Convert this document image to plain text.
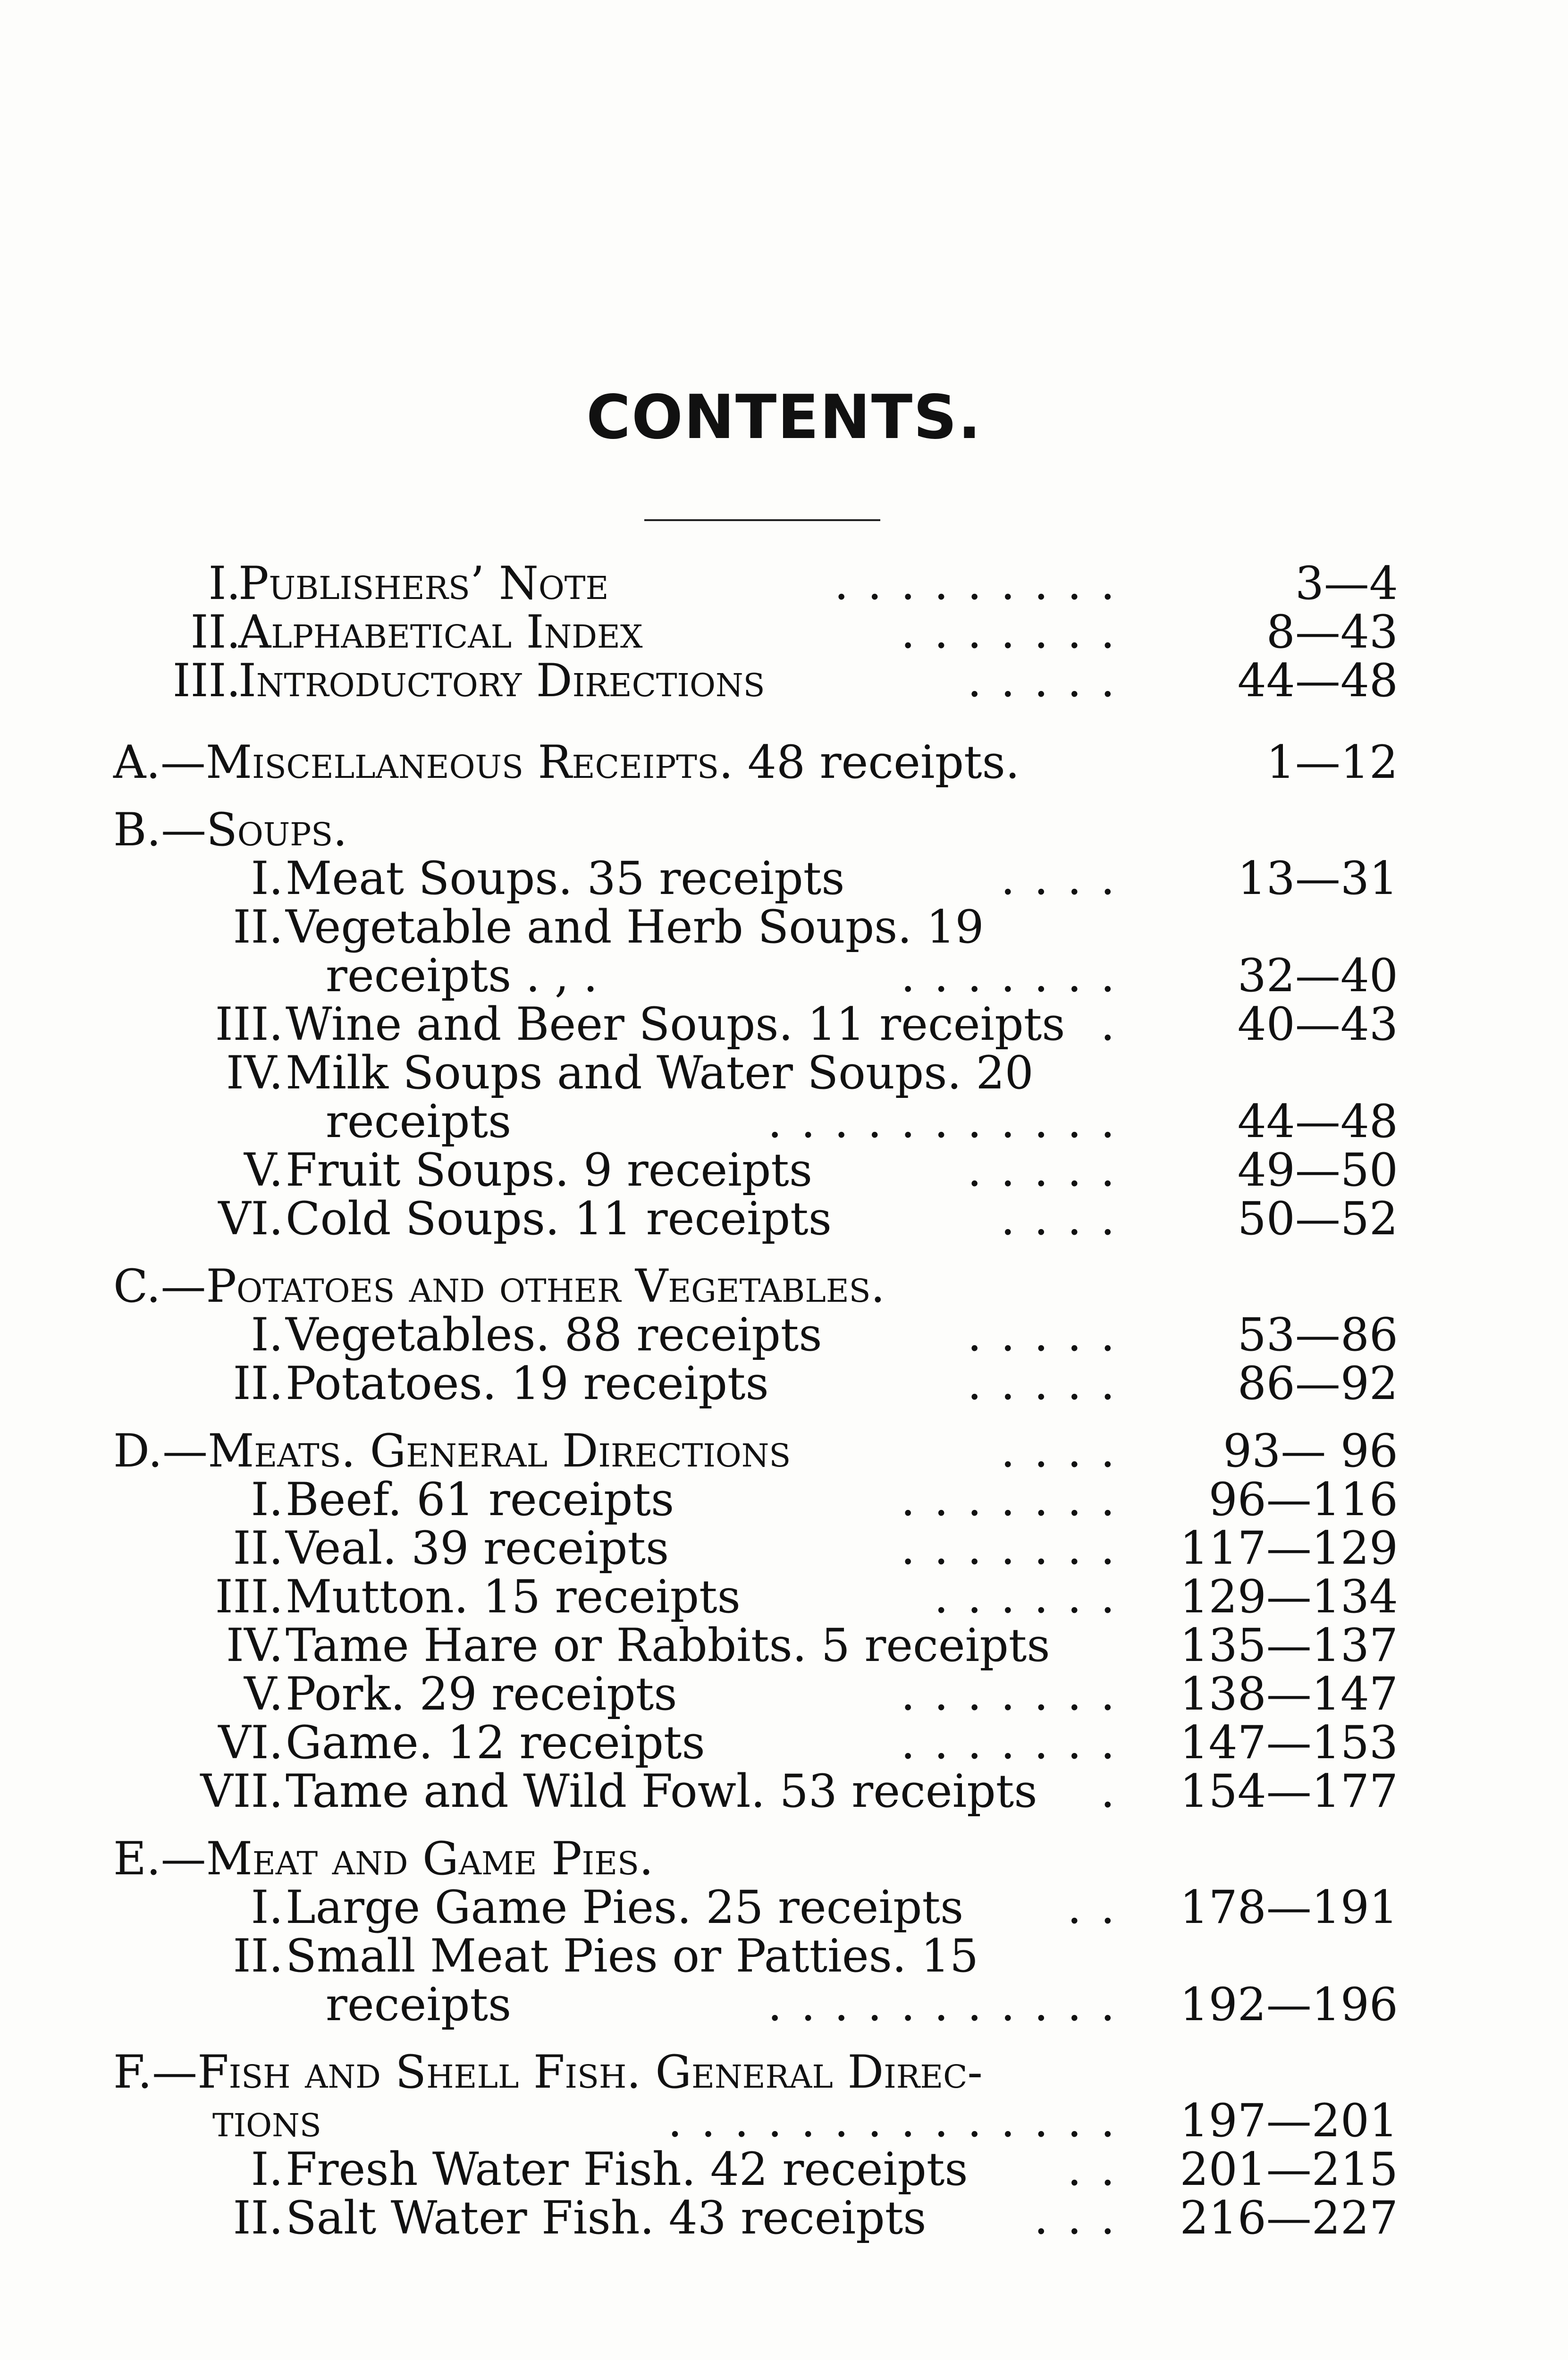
CONTENTS.
I.
Publishers’ Note	.........	3—4
II.
Alphabetical Index	.......	8—43
III.
Introductory Directions	..... 44—48
A.—Miscellaneous Receipts. 48 receipts.	1—12
B.—Soups.
I. Meat Soups. 35 receipts	.... 13—31
II. Vegetable and Herb Soups. 19
receipts . , .	....... 32—40
III. Wine and Beer Soups. 11 receipts . 40—43
IV. Milk Soups and Water Soups. 20
receipts	........... 44—48
V. Fruit Soups. 9 receipts	..... 49—50
VI. Cold Soups. 11 receipts	.... 50—52
C.—Potatoes and other Vegetables.
I. Vegetables. 88 receipts	..... 53—86
II. Potatoes. 19 receipts	..... 86—92
D.—Meats. General Directions	.... 93— 96
I. Beef. 61 receipts	....... 96—116
II. Veal. 39 receipts	....... 117—129
III. Mutton. 15 receipts	...... 129—134
IV. Tame Hare or Rabbits. 5 receipts	135—137
V. Pork. 29 receipts	....... 138—147
VI. Game. 12 receipts	....... 147—153
VII. Tame and Wild Fowl. 53 receipts . 154—177
E.—Meat and Game Pies.
I. Large Game Pies. 25 receipts	.. 178—191
II. Small Meat Pies or Patties. 15
receipts	........... 192—196
F.—Fish and Shell Fish. General Direc-
tions	.............. 197—201
I. Fresh Water Fish. 42 receipts	.. 201—215
II. Salt Water Fish. 43 receipts	... 216—227
